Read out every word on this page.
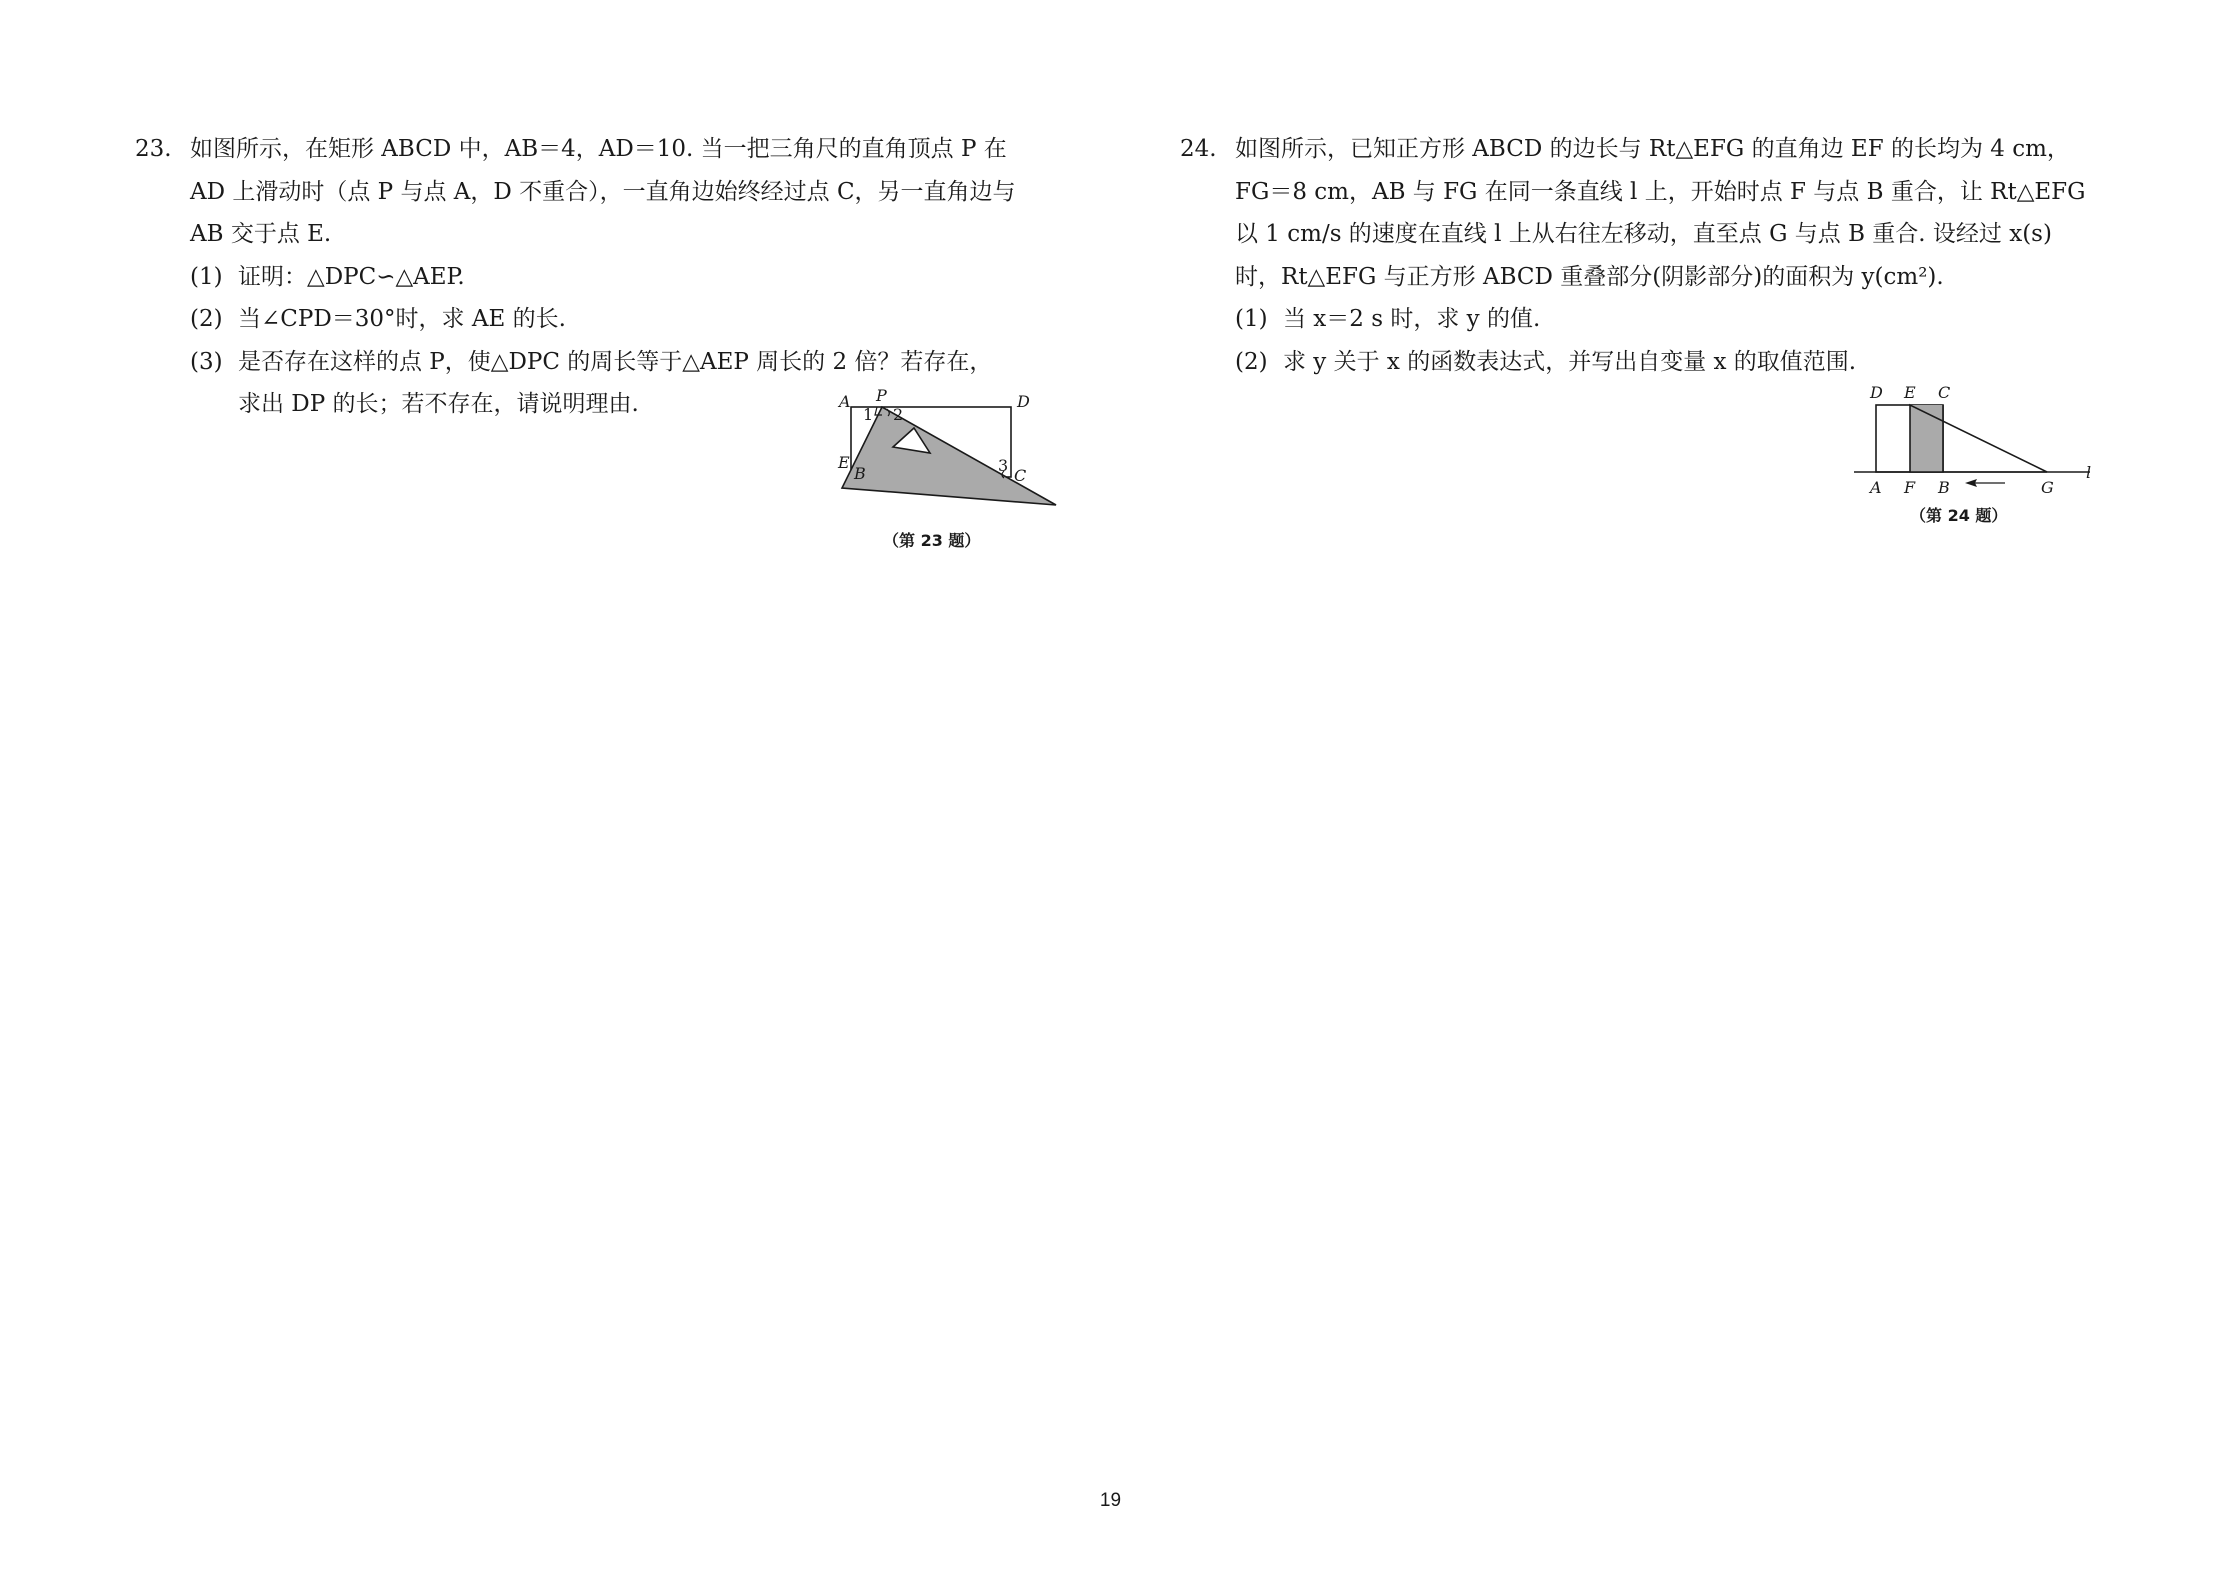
23. 如图所示，在矩形 ABCD 中，AB＝4，AD＝10. 当一把三角尺的直角顶点 P 在
AD 上滑动时（点 P 与点 A，D 不重合），一直角边始终经过点 C，另一直角边与
AB 交于点 E.
(1) 证明：△DPC∽△AEP.
(2) 当∠CPD＝30°时，求 AE 的长.
(3) 是否存在这样的点 P，使△DPC 的周长等于△AEP 周长的 2 倍？若存在，
求出 DP 的长；若不存在，请说明理由.	A P	D
E
B	C
1 2
3
（第 23 题）
24. 如图所示，已知正方形 ABCD 的边长与 Rt△EFG 的直角边 EF 的长均为 4 cm，
FG＝8 cm，AB 与 FG 在同一条直线 l 上，开始时点 F 与点 B 重合，让 Rt△EFG
以 1 cm/s 的速度在直线 l 上从右往左移动，直至点 G 与点 B 重合. 设经过 x(s)
时，Rt△EFG 与正方形 ABCD 重叠部分(阴影部分)的面积为 y(cm²).
(1) 当 x＝2 s 时，求 y 的值.
(2) 求 y 关于 x 的函数表达式，并写出自变量 x 的取值范围.
D E C
A F B	G
l
（第 24 题）
19
